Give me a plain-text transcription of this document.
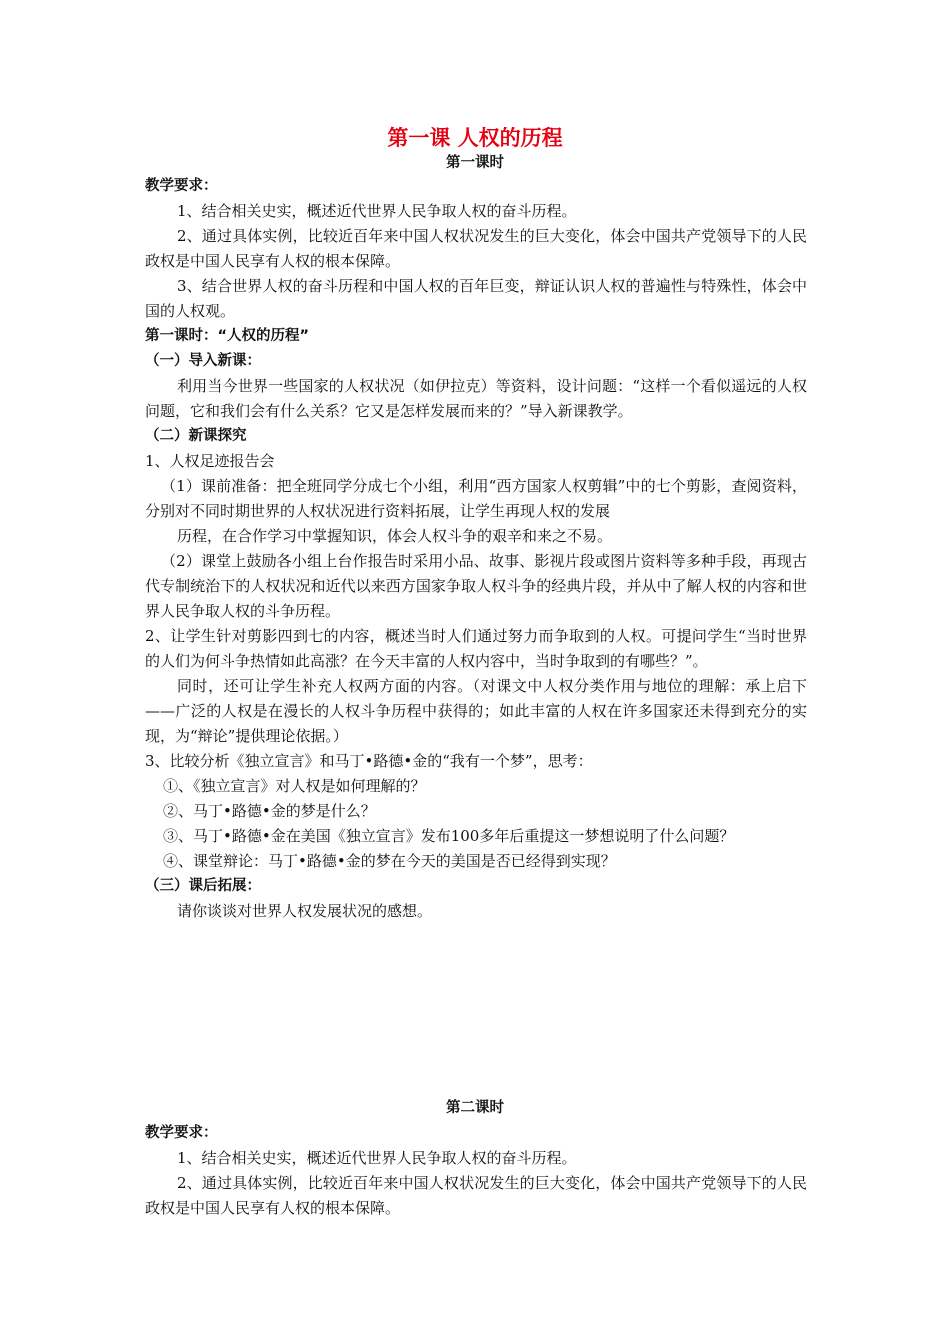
第一课 人权的历程
第一课时

教学要求：

1、结合相关史实，概述近代世界人民争取人权的奋斗历程。

2、通过具体实例，比较近百年来中国人权状况发生的巨大变化，体会中国共产党领导下的人民政权是中国人民享有人权的根本保障。

3、结合世界人权的奋斗历程和中国人权的百年巨变，辩证认识人权的普遍性与特殊性，体会中国的人权观。

第一课时：“人权的历程”

（一）导入新课：

利用当今世界一些国家的人权状况（如伊拉克）等资料，设计问题：“这样一个看似遥远的人权问题，它和我们会有什么关系？它又是怎样发展而来的？”导入新课教学。

（二）新课探究

1、人权足迹报告会

（1）课前准备：把全班同学分成七个小组，利用“西方国家人权剪辑”中的七个剪影，查阅资料，分别对不同时期世界的人权状况进行资料拓展，让学生再现人权的发展

历程，在合作学习中掌握知识，体会人权斗争的艰辛和来之不易。

（2）课堂上鼓励各小组上台作报告时采用小品、故事、影视片段或图片资料等多种手段，再现古代专制统治下的人权状况和近代以来西方国家争取人权斗争的经典片段，并从中了解人权的内容和世界人民争取人权的斗争历程。

2、让学生针对剪影四到七的内容，概述当时人们通过努力而争取到的人权。可提问学生“当时世界的人们为何斗争热情如此高涨？在今天丰富的人权内容中，当时争取到的有哪些？”。

同时，还可让学生补充人权两方面的内容。（对课文中人权分类作用与地位的理解：承上启下——广泛的人权是在漫长的人权斗争历程中获得的；如此丰富的人权在许多国家还未得到充分的实现，为“辩论”提供理论依据。）

3、比较分析《独立宣言》和马丁•路德•金的“我有一个梦”，思考：

①、《独立宣言》对人权是如何理解的？

②、马丁•路德•金的梦是什么？

③、马丁•路德•金在美国《独立宣言》发布100多年后重提这一梦想说明了什么问题？

④、课堂辩论：马丁•路德•金的梦在今天的美国是否已经得到实现？

（三）课后拓展：

请你谈谈对世界人权发展状况的感想。

第二课时

教学要求：

1、结合相关史实，概述近代世界人民争取人权的奋斗历程。

2、通过具体实例，比较近百年来中国人权状况发生的巨大变化，体会中国共产党领导下的人民政权是中国人民享有人权的根本保障。
